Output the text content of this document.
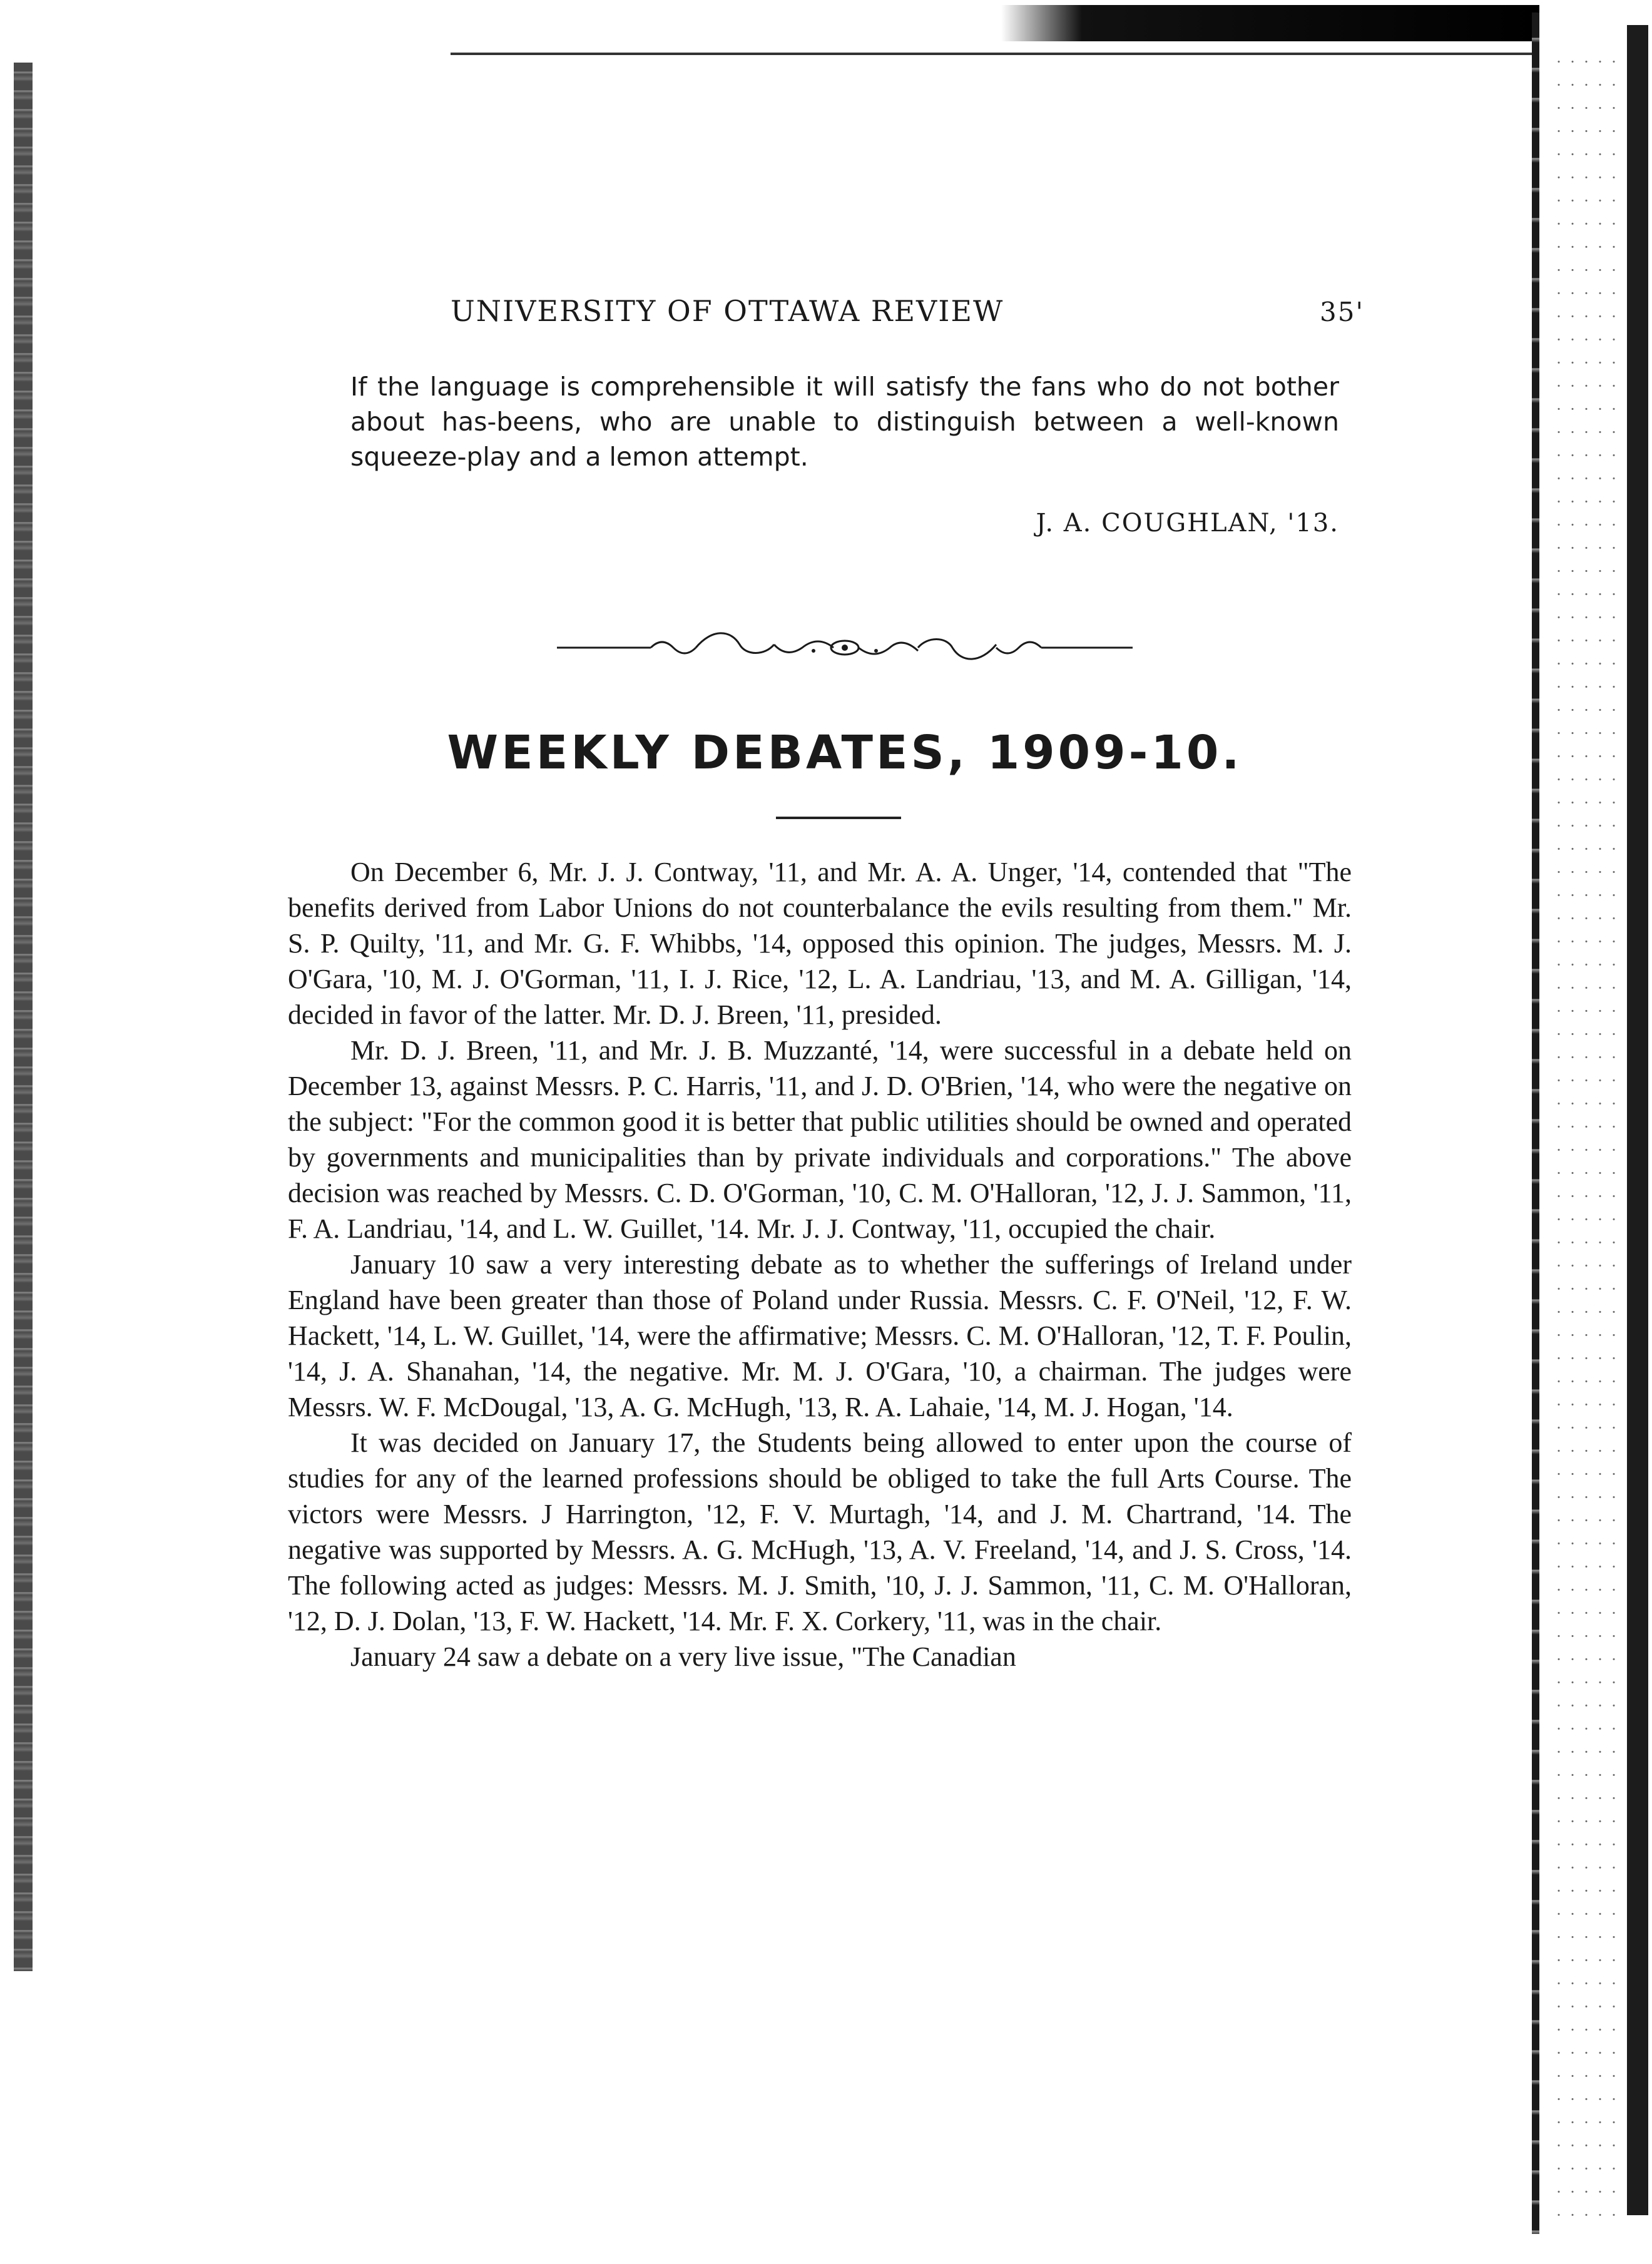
UNIVERSITY OF OTTAWA REVIEW	35'

If the language is comprehensible it will satisfy the fans who do not bother about has-beens, who are unable to distinguish between a well-known squeeze-play and a lemon attempt.

J. A. COUGHLAN, '13.

WEEKLY DEBATES, 1909-10.

On December 6, Mr. J. J. Contway, '11, and Mr. A. A. Unger, '14, contended that "The benefits derived from Labor Unions do not counterbalance the evils resulting from them." Mr. S. P. Quilty, '11, and Mr. G. F. Whibbs, '14, opposed this opinion. The judges, Messrs. M. J. O'Gara, '10, M. J. O'Gorman, '11, I. J. Rice, '12, L. A. Landriau, '13, and M. A. Gilligan, '14, decided in favor of the latter. Mr. D. J. Breen, '11, presided.

Mr. D. J. Breen, '11, and Mr. J. B. Muzzanté, '14, were successful in a debate held on December 13, against Messrs. P. C. Harris, '11, and J. D. O'Brien, '14, who were the negative on the subject: "For the common good it is better that public utilities should be owned and operated by governments and municipalities than by private individuals and corporations." The above decision was reached by Messrs. C. D. O'Gorman, '10, C. M. O'Halloran, '12, J. J. Sammon, '11, F. A. Landriau, '14, and L. W. Guillet, '14. Mr. J. J. Contway, '11, occupied the chair.

January 10 saw a very interesting debate as to whether the sufferings of Ireland under England have been greater than those of Poland under Russia. Messrs. C. F. O'Neil, '12, F. W. Hackett, '14, L. W. Guillet, '14, were the affirmative; Messrs. C. M. O'Halloran, '12, T. F. Poulin, '14, J. A. Shanahan, '14, the negative. Mr. M. J. O'Gara, '10, a chairman. The judges were Messrs. W. F. McDougal, '13, A. G. McHugh, '13, R. A. Lahaie, '14, M. J. Hogan, '14.

It was decided on January 17, the Students being allowed to enter upon the course of studies for any of the learned professions should be obliged to take the full Arts Course. The victors were Messrs. J Harrington, '12, F. V. Murtagh, '14, and J. M. Chartrand, '14. The negative was supported by Messrs. A. G. McHugh, '13, A. V. Freeland, '14, and J. S. Cross, '14. The following acted as judges: Messrs. M. J. Smith, '10, J. J. Sammon, '11, C. M. O'Halloran, '12, D. J. Dolan, '13, F. W. Hackett, '14. Mr. F. X. Corkery, '11, was in the chair.

January 24 saw a debate on a very live issue, "The Canadian
